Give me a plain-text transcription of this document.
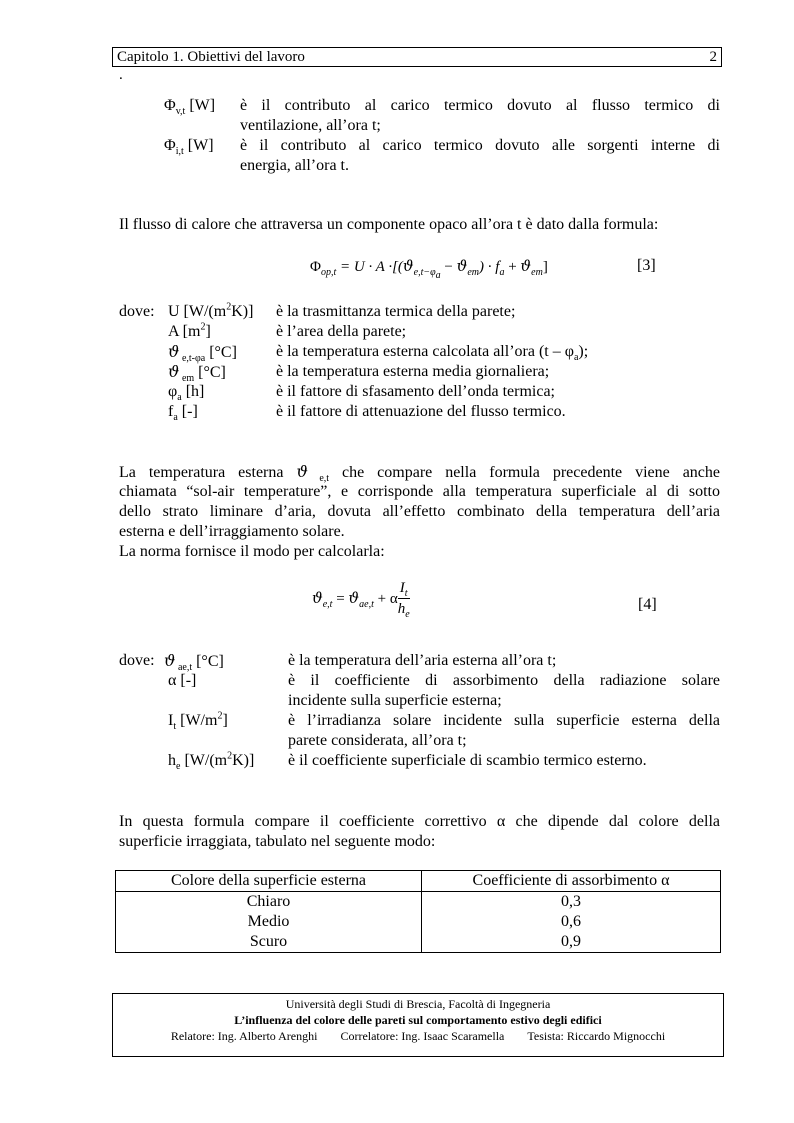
Capitolo 1. Obiettivi del lavoro	2
.
$\Phi_{v,t}$ [W] è il contributo al carico termico dovuto al flusso termico di
ventilazione, all’ora t;
$\Phi_{i,t}$ [W] è il contributo al carico termico dovuto alle sorgenti interne di
energia, all’ora t.
Il flusso di calore che attraversa un componente opaco all’ora t è dato dalla formula:
$\Phi_{op,t} = U \cdot A \cdot[(ϑ_{e,t-\varphi_a} - ϑ_{em}) \cdot f_a + ϑ_{em}]$	[3]
dove: U $[W/(m^2K)]$ è la trasmittanza termica della parete;
A $[m^2]$	è l’area della parete;
ϑ $_{e,t-\varphi a}$ [°C] è la temperatura esterna calcolata all’ora $(t - \varphi_a)$;
ϑ $_{em}$ [°C]	è la temperatura esterna media giornaliera;
$\varphi_a$ [h]	è il fattore di sfasamento dell’onda termica;
$f_a$ [-]	è il fattore di attenuazione del flusso termico.
La temperatura esterna ϑ $_{e,t}$ che compare nella formula precedente viene anche
chiamata “sol-air temperature”, e corrisponde alla temperatura superficiale al di sotto
dello strato liminare d’aria, dovuta all’effetto combinato della temperatura dell’aria
esterna e dell’irraggiamento solare.
La norma fornisce il modo per calcolarla:
$ϑ_{e,t} = ϑ_{ae,t} + \alpha \frac{I_t}{h_e}$	[4]
dove: ϑ $_{ae,t}$ [°C]	è la temperatura dell’aria esterna all’ora t;
α [-]	è il coefficiente di assorbimento della radiazione solare
incidente sulla superficie esterna;
$I_t$ $[W/m^2]$	è l’irradianza solare incidente sulla superficie esterna della
parete considerata, all’ora t;
$h_e$ $[W/(m^2K)]$ è il coefficiente superficiale di scambio termico esterno.
In questa formula compare il coefficiente correttivo α che dipende dal colore della
superficie irraggiata, tabulato nel seguente modo:
Colore della superficie esterna	Coefficiente di assorbimento α
Chiaro	0,3
Medio	0,6
Scuro	0,9
Università degli Studi di Brescia, Facoltà di Ingegneria
L’influenza del colore delle pareti sul comportamento estivo degli edifici
Relatore: Ing. Alberto Arenghi Correlatore: Ing. Isaac Scaramella Tesista: Riccardo Mignocchi
